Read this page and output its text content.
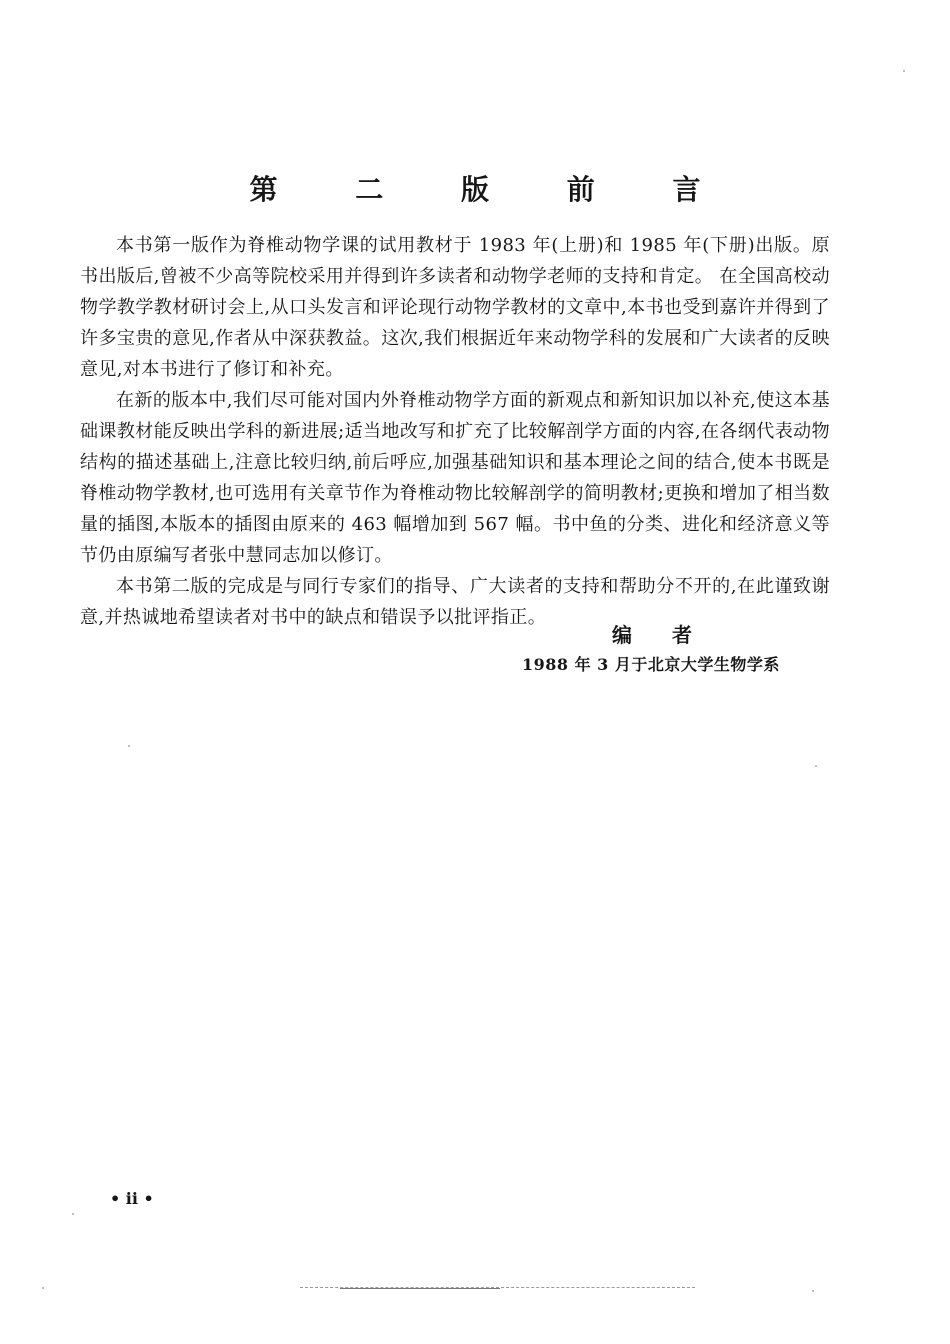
第 二 版 前 言

本书第一版作为脊椎动物学课的试用教材于 1983 年(上册)和 1985 年(下册)出版。原书出版后,曾被不少高等院校采用并得到许多读者和动物学老师的支持和肯定。 在全国高校动物学教学教材研讨会上,从口头发言和评论现行动物学教材的文章中,本书也受到嘉许并得到了许多宝贵的意见,作者从中深获教益。这次,我们根据近年来动物学科的发展和广大读者的反映意见,对本书进行了修订和补充。

在新的版本中,我们尽可能对国内外脊椎动物学方面的新观点和新知识加以补充,使这本基础课教材能反映出学科的新进展;适当地改写和扩充了比较解剖学方面的内容,在各纲代表动物结构的描述基础上,注意比较归纳,前后呼应,加强基础知识和基本理论之间的结合,使本书既是脊椎动物学教材,也可选用有关章节作为脊椎动物比较解剖学的简明教材;更换和增加了相当数量的插图,本版本的插图由原来的 463 幅增加到 567 幅。书中鱼的分类、进化和经济意义等节仍由原编写者张中慧同志加以修订。

本书第二版的完成是与同行专家们的指导、广大读者的支持和帮助分不开的,在此谨致谢意,并热诚地希望读者对书中的缺点和错误予以批评指正。

编者
1988 年 3 月于北京大学生物学系
• ii •
